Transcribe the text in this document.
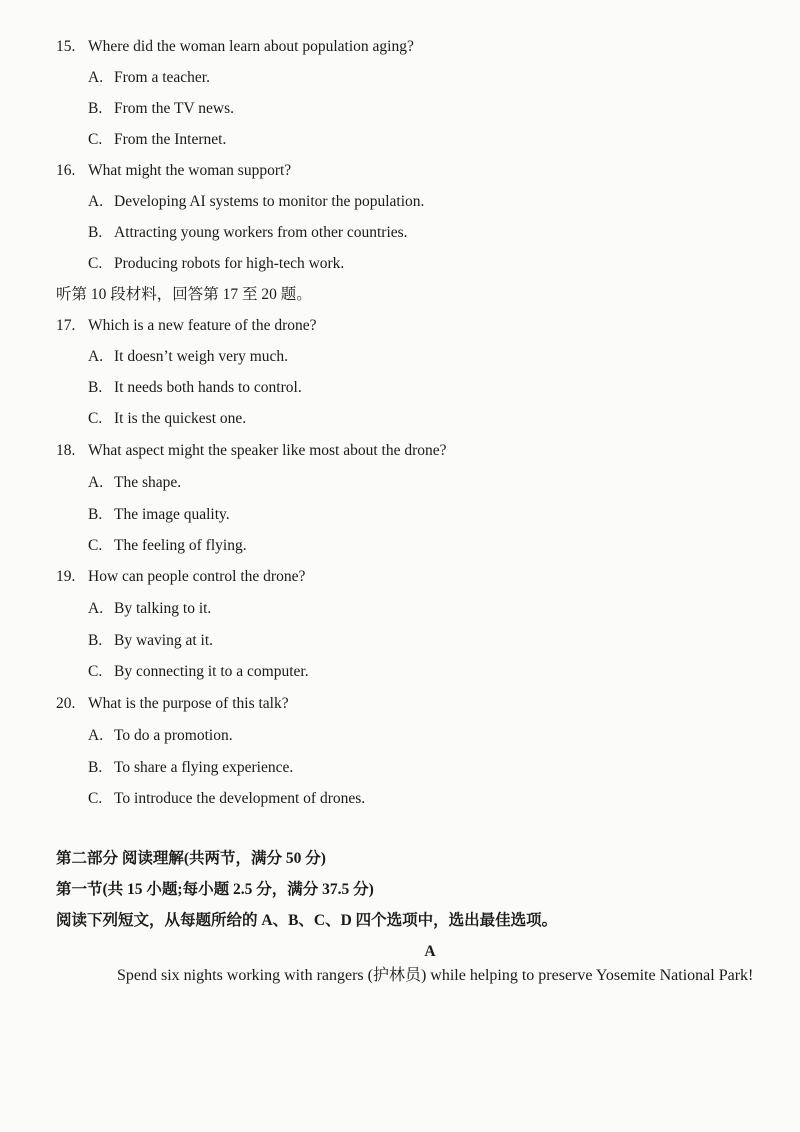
15. Where did the woman learn about population aging?
A. From a teacher.
B. From the TV news.
C. From the Internet.
16. What might the woman support?
A. Developing AI systems to monitor the population.
B. Attracting young workers from other countries.
C. Producing robots for high-tech work.
听第 10 段材料，回答第 17 至 20 题。
17. Which is a new feature of the drone?
A. It doesn’t weigh very much.
B. It needs both hands to control.
C. It is the quickest one.
18. What aspect might the speaker like most about the drone?
A. The shape.
B. The image quality.
C. The feeling of flying.
19. How can people control the drone?
A. By talking to it.
B. By waving at it.
C. By connecting it to a computer.
20. What is the purpose of this talk?
A. To do a promotion.
B. To share a flying experience.
C. To introduce the development of drones.
第二部分 阅读理解(共两节，满分 50 分)
第一节(共 15 小题;每小题 2.5 分，满分 37.5 分)
阅读下列短文，从每题所给的 A、B、C、D 四个选项中，选出最佳选项。
A
Spend six nights working with rangers (护林员) while helping to preserve Yosemite National Park!
